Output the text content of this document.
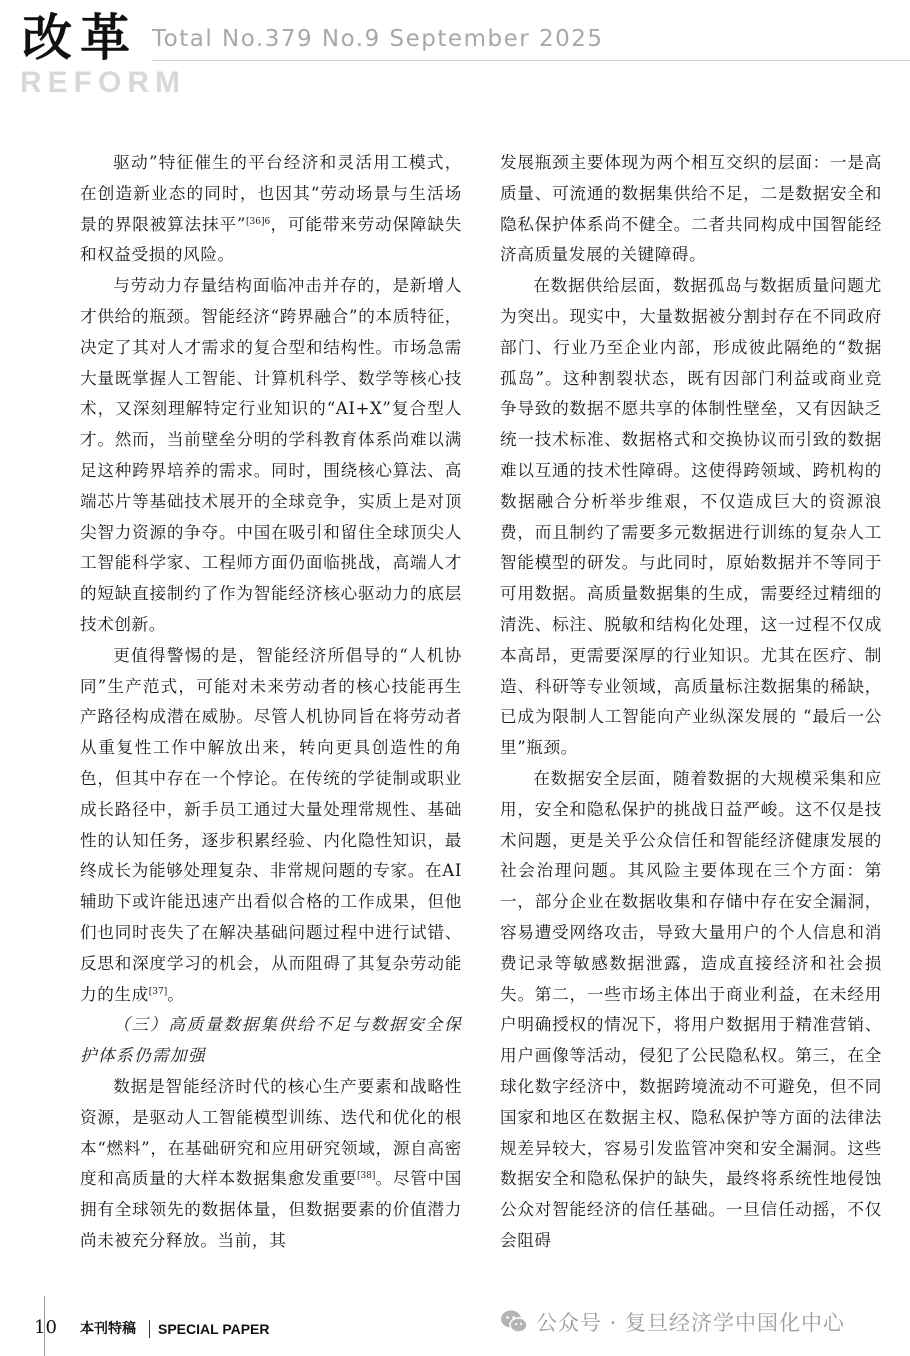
改革
REFORM
Total No.379 No.9 September 2025

驱动”特征催生的平台经济和灵活用工模式，在创造新业态的同时，也因其“劳动场景与生活场景的界限被算法抹平”$^{[36]6}$，可能带来劳动保障缺失和权益受损的风险。

与劳动力存量结构面临冲击并存的，是新增人才供给的瓶颈。智能经济“跨界融合”的本质特征，决定了其对人才需求的复合型和结构性。市场急需大量既掌握人工智能、计算机科学、数学等核心技术，又深刻理解特定行业知识的“AI+X”复合型人才。然而，当前壁垒分明的学科教育体系尚难以满足这种跨界培养的需求。同时，围绕核心算法、高端芯片等基础技术展开的全球竞争，实质上是对顶尖智力资源的争夺。中国在吸引和留住全球顶尖人工智能科学家、工程师方面仍面临挑战，高端人才的短缺直接制约了作为智能经济核心驱动力的底层技术创新。

更值得警惕的是，智能经济所倡导的“人机协同”生产范式，可能对未来劳动者的核心技能再生产路径构成潜在威胁。尽管人机协同旨在将劳动者从重复性工作中解放出来，转向更具创造性的角色，但其中存在一个悖论。在传统的学徒制或职业成长路径中，新手员工通过大量处理常规性、基础性的认知任务，逐步积累经验、内化隐性知识，最终成长为能够处理复杂、非常规问题的专家。在AI辅助下或许能迅速产出看似合格的工作成果，但他们也同时丧失了在解决基础问题过程中进行试错、反思和深度学习的机会，从而阻碍了其复杂劳动能力的生成[37]。

（三）高质量数据集供给不足与数据安全保护体系仍需加强

数据是智能经济时代的核心生产要素和战略性资源，是驱动人工智能模型训练、迭代和优化的根本“燃料”，在基础研究和应用研究领域，源自高密度和高质量的大样本数据集愈发重要[38]。尽管中国拥有全球领先的数据体量，但数据要素的价值潜力尚未被充分释放。当前，其

发展瓶颈主要体现为两个相互交织的层面：一是高质量、可流通的数据集供给不足，二是数据安全和隐私保护体系尚不健全。二者共同构成中国智能经济高质量发展的关键障碍。

在数据供给层面，数据孤岛与数据质量问题尤为突出。现实中，大量数据被分割封存在不同政府部门、行业乃至企业内部，形成彼此隔绝的“数据孤岛”。这种割裂状态，既有因部门利益或商业竞争导致的数据不愿共享的体制性壁垒，又有因缺乏统一技术标准、数据格式和交换协议而引致的数据难以互通的技术性障碍。这使得跨领域、跨机构的数据融合分析举步维艰，不仅造成巨大的资源浪费，而且制约了需要多元数据进行训练的复杂人工智能模型的研发。与此同时，原始数据并不等同于可用数据。高质量数据集的生成，需要经过精细的清洗、标注、脱敏和结构化处理，这一过程不仅成本高昂，更需要深厚的行业知识。尤其在医疗、制造、科研等专业领域，高质量标注数据集的稀缺，已成为限制人工智能向产业纵深发展的 “最后一公里”瓶颈。

在数据安全层面，随着数据的大规模采集和应用，安全和隐私保护的挑战日益严峻。这不仅是技术问题，更是关乎公众信任和智能经济健康发展的社会治理问题。其风险主要体现在三个方面：第一，部分企业在数据收集和存储中存在安全漏洞，容易遭受网络攻击，导致大量用户的个人信息和消费记录等敏感数据泄露，造成直接经济和社会损失。第二，一些市场主体出于商业利益，在未经用户明确授权的情况下，将用户数据用于精准营销、用户画像等活动，侵犯了公民隐私权。第三，在全球化数字经济中，数据跨境流动不可避免，但不同国家和地区在数据主权、隐私保护等方面的法律法规差异较大，容易引发监管冲突和安全漏洞。这些数据安全和隐私保护的缺失，最终将系统性地侵蚀公众对智能经济的信任基础。一旦信任动摇，不仅会阻碍

10 本刊特稿 SPECIAL PAPER	公众号 · 复旦经济学中国化中心
